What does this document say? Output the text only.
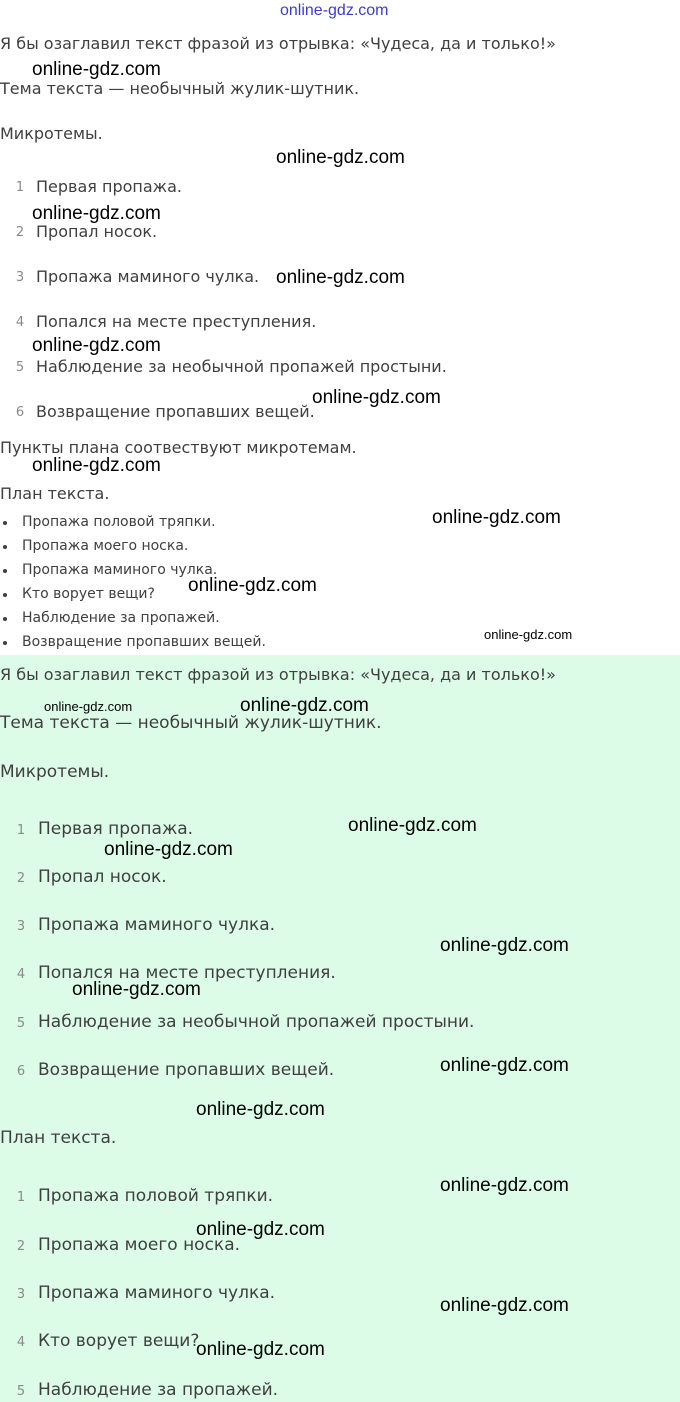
online-gdz.com
Я бы озаглавил текст фразой из отрывка: «Чудеса, да и только!»
Тема текста — необычный жулик-шутник.
Микротемы.
1 Первая пропажа.
2 Пропал носок.
3 Пропажа маминого чулка.
4 Попался на месте преступления.
5 Наблюдение за необычной пропажей простыни.
6 Возвращение пропавших вещей.
Пункты плана соотвествуют микротемам.
План текста.
Пропажа половой тряпки.
Пропажа моего носка.
Пропажа маминого чулка.
Кто ворует вещи?
Наблюдение за пропажей.
Возвращение пропавших вещей.
Я бы озаглавил текст фразой из отрывка: «Чудеса, да и только!»
Тема текста — необычный жулик-шутник.
Микротемы.
1 Первая пропажа.
2 Пропал носок.
3 Пропажа маминого чулка.
4 Попался на месте преступления.
5 Наблюдение за необычной пропажей простыни.
6 Возвращение пропавших вещей.
План текста.
1 Пропажа половой тряпки.
2 Пропажа моего носка.
3 Пропажа маминого чулка.
4 Кто ворует вещи?
5 Наблюдение за пропажей.
online-gdz.com
online-gdz.com
online-gdz.com
online-gdz.com
online-gdz.com
online-gdz.com
online-gdz.com
online-gdz.com
online-gdz.com
online-gdz.com
online-gdz.com	online-gdz.com
online-gdz.com
online-gdz.com
online-gdz.com
online-gdz.com
online-gdz.com
online-gdz.com
online-gdz.com
online-gdz.com
online-gdz.com
online-gdz.com
